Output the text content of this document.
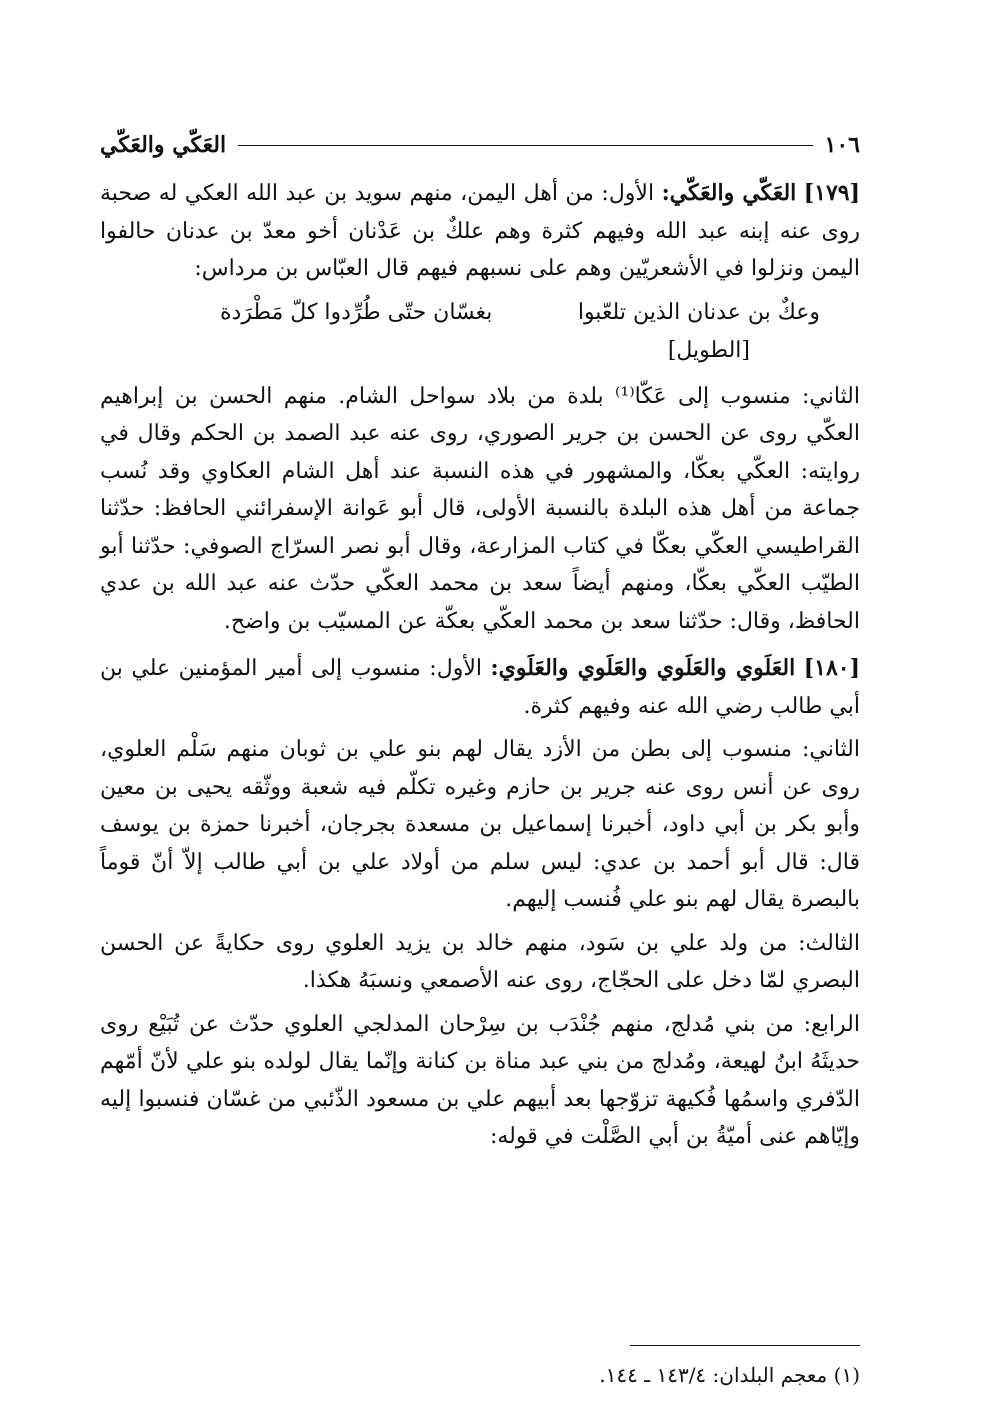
١٠٦
العَكّي والعَكّي

[١٧٩] العَكّي والعَكّي: الأول: من أهل اليمن، منهم سويد بن عبد الله العكي له صحبة روى عنه إبنه عبد الله وفيهم كثرة وهم علكٌ بن عَدْنان أخو معدّ بن عدنان حالفوا اليمن ونزلوا في الأشعريّين وهم على نسبهم فيهم قال العبّاس بن مرداس:

وعكٌ بن عدنان الذين تلعّبوا
بغسّان حتّى طُرِّدوا كلّ مَطْرَدة
[الطويل]

الثاني: منسوب إلى عَكّا⁽¹⁾ بلدة من بلاد سواحل الشام. منهم الحسن بن إبراهيم العكّي روى عن الحسن بن جرير الصوري، روى عنه عبد الصمد بن الحكم وقال في روايته: العكّي بعكّا، والمشهور في هذه النسبة عند أهل الشام العكاوي وقد نُسب جماعة من أهل هذه البلدة بالنسبة الأولى، قال أبو عَوانة الإسفرائني الحافظ: حدّثنا القراطيسي العكّي بعكّا في كتاب المزارعة، وقال أبو نصر السرّاج الصوفي: حدّثنا أبو الطيّب العكّي بعكّا، ومنهم أيضاً سعد بن محمد العكّي حدّث عنه عبد الله بن عدي الحافظ، وقال: حدّثنا سعد بن محمد العكّي بعكّة عن المسيّب بن واضح.

[١٨٠] العَلَوي والعَلَوي والعَلَوي والعَلَوي: الأول: منسوب إلى أمير المؤمنين علي بن أبي طالب رضي الله عنه وفيهم كثرة.

الثاني: منسوب إلى بطن من الأزد يقال لهم بنو علي بن ثوبان منهم سَلْم العلوي، روى عن أنس روى عنه جرير بن حازم وغيره تكلّم فيه شعبة ووثّقه يحيى بن معين وأبو بكر بن أبي داود، أخبرنا إسماعيل بن مسعدة بجرجان، أخبرنا حمزة بن يوسف قال: قال أبو أحمد بن عدي: ليس سلم من أولاد علي بن أبي طالب إلاّ أنّ قوماً بالبصرة يقال لهم بنو علي فُنسب إليهم.

الثالث: من ولد علي بن سَود، منهم خالد بن يزيد العلوي روى حكايةً عن الحسن البصري لمّا دخل على الحجّاج، روى عنه الأصمعي ونسبَهُ هكذا.

الرابع: من بني مُدلج، منهم جُنْدَب بن سِرْحان المدلجي العلوي حدّث عن تُبَيْع روى حديثَهُ ابنُ لهيعة، ومُدلج من بني عبد مناة بن كنانة وإنّما يقال لولده بنو علي لأنّ أمّهم الدّفري واسمُها فُكيهة تزوّجها بعد أبيهم علي بن مسعود الذّئبي من غسّان فنسبوا إليه وإيّاهم عنى أميّةُ بن أبي الصَّلْت في قوله:

(١) معجم البلدان: ١٤٣/٤ ـ ١٤٤.
